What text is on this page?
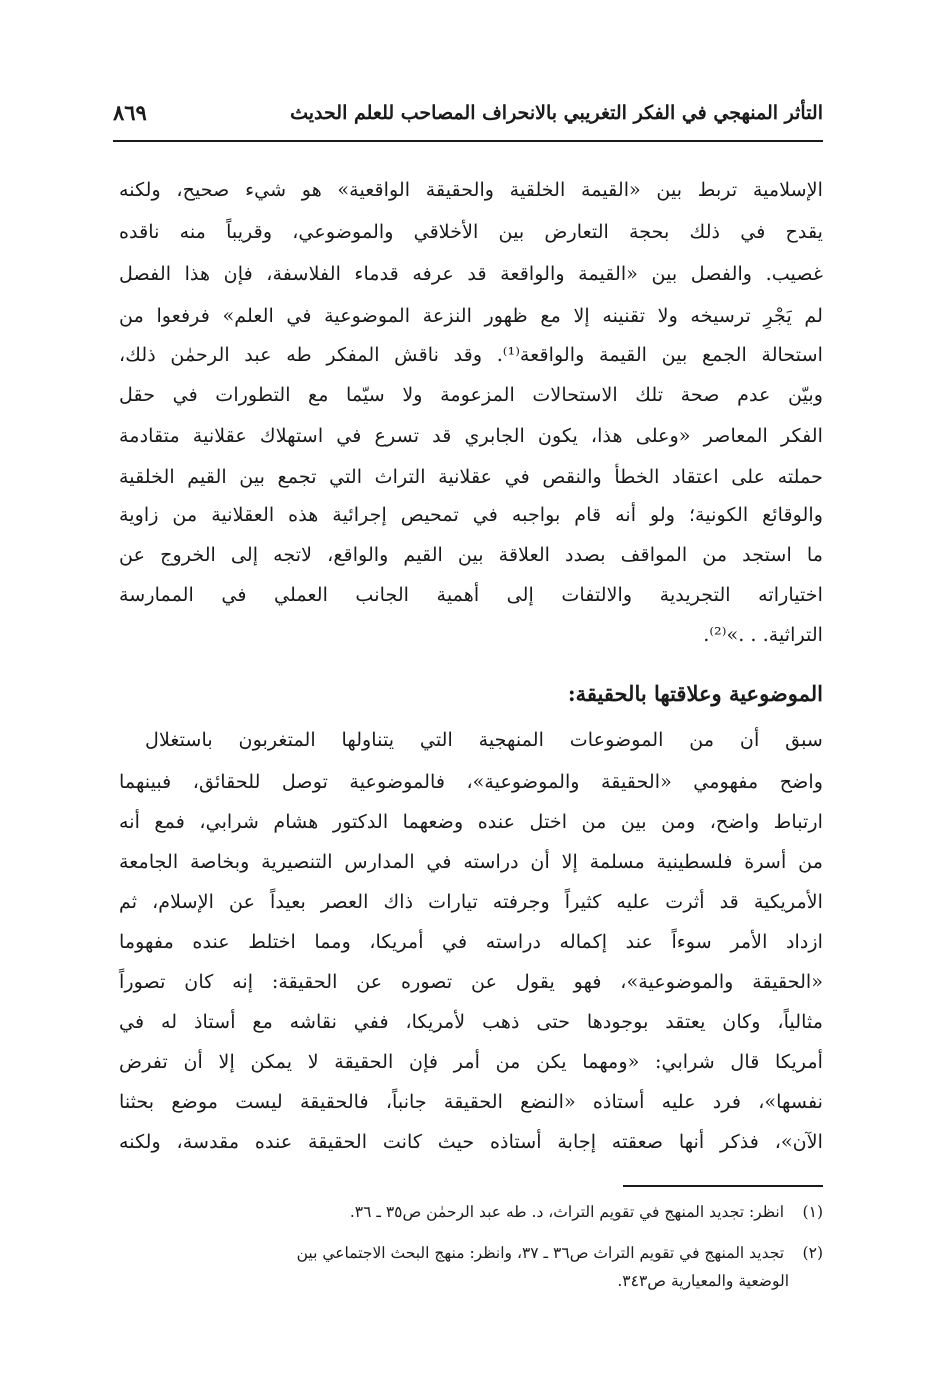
التأثر المنهجي في الفكر التغريبي بالانحراف المصاحب للعلم الحديث
٨٦٩
الإسلامية تربط بين «القيمة الخلقية والحقيقة الواقعية» هو شيء صحيح، ولكنه
يقدح في ذلك بحجة التعارض بين الأخلاقي والموضوعي، وقريباً منه ناقده
غصيب. والفصل بين «القيمة والواقعة قد عرفه قدماء الفلاسفة، فإن هذا الفصل
لم يَجْرِ ترسيخه ولا تقنينه إلا مع ظهور النزعة الموضوعية في العلم» فرفعوا من
استحالة الجمع بين القيمة والواقعة⁽¹⁾. وقد ناقش المفكر طه عبد الرحمٰن ذلك،
وبيّن عدم صحة تلك الاستحالات المزعومة ولا سيّما مع التطورات في حقل
الفكر المعاصر «وعلى هذا، يكون الجابري قد تسرع في استهلاك عقلانية متقادمة
حملته على اعتقاد الخطأ والنقص في عقلانية التراث التي تجمع بين القيم الخلقية
والوقائع الكونية؛ ولو أنه قام بواجبه في تمحيص إجرائية هذه العقلانية من زاوية
ما استجد من المواقف بصدد العلاقة بين القيم والواقع، لاتجه إلى الخروج عن
اختياراته التجريدية والالتفات إلى أهمية الجانب العملي في الممارسة
التراثية. . .»⁽²⁾.
الموضوعية وعلاقتها بالحقيقة:
سبق أن من الموضوعات المنهجية التي يتناولها المتغربون باستغلال
واضح مفهومي «الحقيقة والموضوعية»، فالموضوعية توصل للحقائق، فبينهما
ارتباط واضح، ومن بين من اختل عنده وضعهما الدكتور هشام شرابي، فمع أنه
من أسرة فلسطينية مسلمة إلا أن دراسته في المدارس التنصيرية وبخاصة الجامعة
الأمريكية قد أثرت عليه كثيراً وجرفته تيارات ذاك العصر بعيداً عن الإسلام، ثم
ازداد الأمر سوءاً عند إكماله دراسته في أمريكا، ومما اختلط عنده مفهوما
«الحقيقة والموضوعية»، فهو يقول عن تصوره عن الحقيقة: إنه كان تصوراً
مثالياً، وكان يعتقد بوجودها حتى ذهب لأمريكا، ففي نقاشه مع أستاذ له في
أمريكا قال شرابي: «ومهما يكن من أمر فإن الحقيقة لا يمكن إلا أن تفرض
نفسها»، فرد عليه أستاذه «النضع الحقيقة جانباً، فالحقيقة ليست موضع بحثنا
الآن»، فذكر أنها صعقته إجابة أستاذه حيث كانت الحقيقة عنده مقدسة، ولكنه
(١) انظر: تجديد المنهج في تقويم التراث، د. طه عبد الرحمٰن ص٣٥ ـ ٣٦.
(٢) تجديد المنهج في تقويم التراث ص٣٦ ـ ٣٧، وانظر: منهج البحث الاجتماعي بين
الوضعية والمعيارية ص٣٤٣.
